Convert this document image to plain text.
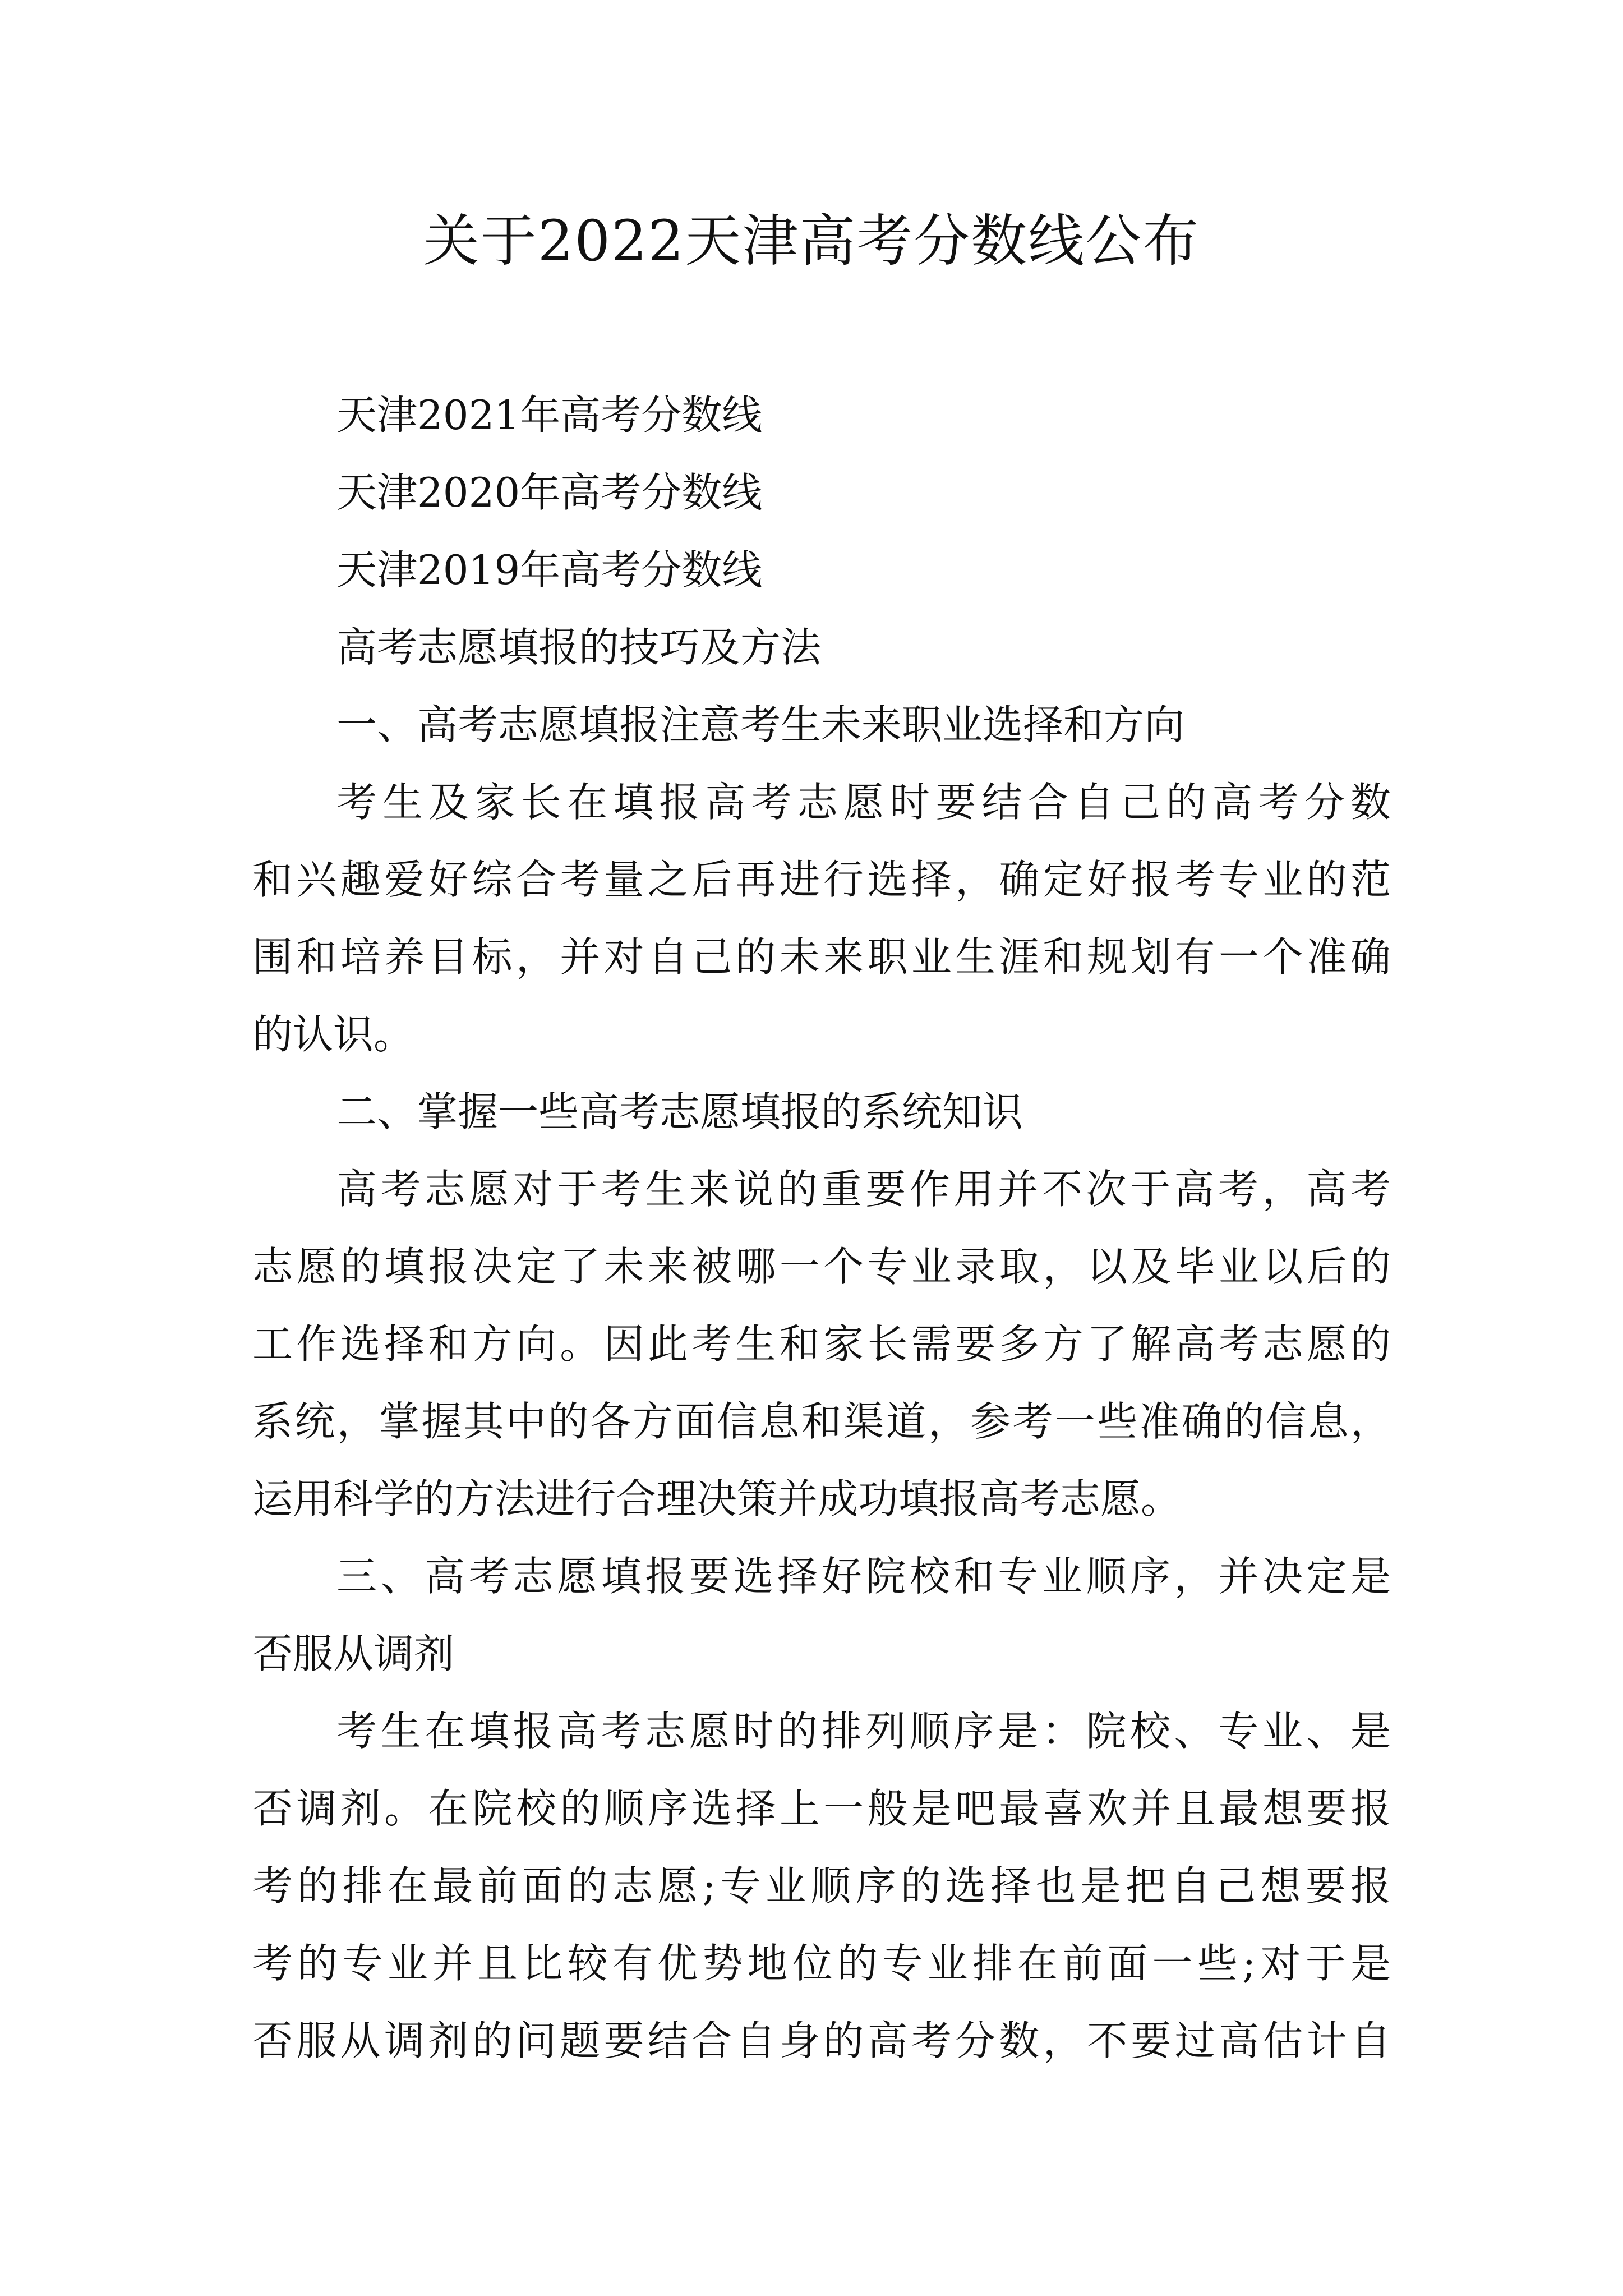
关于2022天津高考分数线公布
天津2021年高考分数线
天津2020年高考分数线
天津2019年高考分数线
高考志愿填报的技巧及方法
一、高考志愿填报注意考生未来职业选择和方向
考生及家长在填报高考志愿时要结合自己的高考分数
和兴趣爱好综合考量之后再进行选择，确定好报考专业的范
围和培养目标，并对自己的未来职业生涯和规划有一个准确
的认识。
二、掌握一些高考志愿填报的系统知识
高考志愿对于考生来说的重要作用并不次于高考，高考
志愿的填报决定了未来被哪一个专业录取，以及毕业以后的
工作选择和方向。因此考生和家长需要多方了解高考志愿的
系统，掌握其中的各方面信息和渠道，参考一些准确的信息，
运用科学的方法进行合理决策并成功填报高考志愿。
三、高考志愿填报要选择好院校和专业顺序，并决定是
否服从调剂
考生在填报高考志愿时的排列顺序是：院校、专业、是
否调剂。在院校的顺序选择上一般是吧最喜欢并且最想要报
考的排在最前面的志愿;专业顺序的选择也是把自己想要报
考的专业并且比较有优势地位的专业排在前面一些;对于是
否服从调剂的问题要结合自身的高考分数，不要过高估计自
